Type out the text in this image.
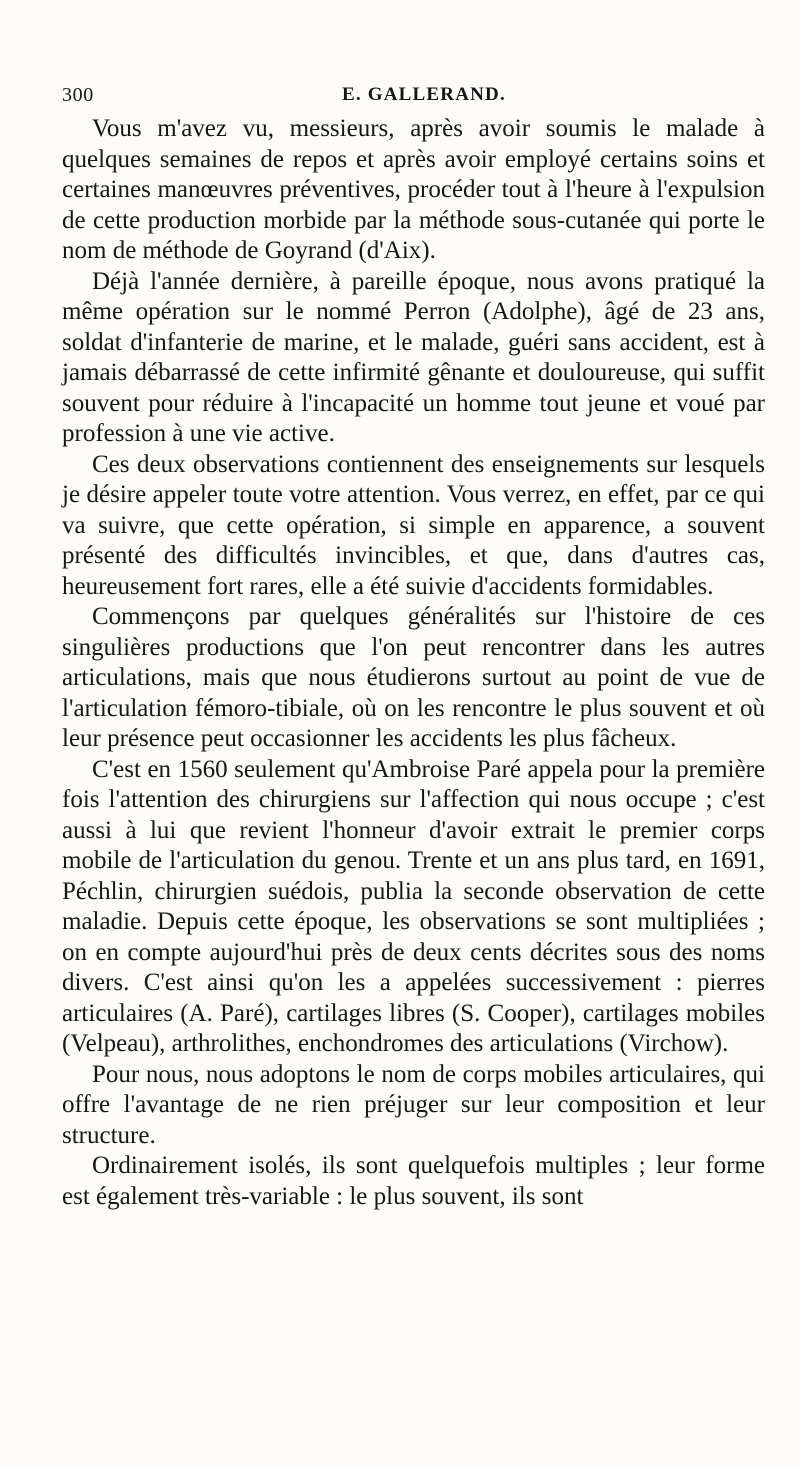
300	E. GALLERAND.

Vous m'avez vu, messieurs, après avoir soumis le malade à quelques semaines de repos et après avoir employé certains soins et certaines manœuvres préventives, procéder tout à l'heure à l'expulsion de cette production morbide par la méthode sous-cutanée qui porte le nom de méthode de Goyrand (d'Aix).

Déjà l'année dernière, à pareille époque, nous avons pratiqué la même opération sur le nommé Perron (Adolphe), âgé de 23 ans, soldat d'infanterie de marine, et le malade, guéri sans accident, est à jamais débarrassé de cette infirmité gênante et douloureuse, qui suffit souvent pour réduire à l'incapacité un homme tout jeune et voué par profession à une vie active.

Ces deux observations contiennent des enseignements sur lesquels je désire appeler toute votre attention. Vous verrez, en effet, par ce qui va suivre, que cette opération, si simple en apparence, a souvent présenté des difficultés invincibles, et que, dans d'autres cas, heureusement fort rares, elle a été suivie d'accidents formidables.

Commençons par quelques généralités sur l'histoire de ces singulières productions que l'on peut rencontrer dans les autres articulations, mais que nous étudierons surtout au point de vue de l'articulation fémoro-tibiale, où on les rencontre le plus souvent et où leur présence peut occasionner les accidents les plus fâcheux.

C'est en 1560 seulement qu'Ambroise Paré appela pour la première fois l'attention des chirurgiens sur l'affection qui nous occupe ; c'est aussi à lui que revient l'honneur d'avoir extrait le premier corps mobile de l'articulation du genou. Trente et un ans plus tard, en 1691, Péchlin, chirurgien suédois, publia la seconde observation de cette maladie. Depuis cette époque, les observations se sont multipliées ; on en compte aujourd'hui près de deux cents décrites sous des noms divers. C'est ainsi qu'on les a appelées successivement : pierres articulaires (A. Paré), cartilages libres (S. Cooper), cartilages mobiles (Velpeau), arthrolithes, enchondromes des articulations (Virchow).

Pour nous, nous adoptons le nom de corps mobiles articulaires, qui offre l'avantage de ne rien préjuger sur leur composition et leur structure.

Ordinairement isolés, ils sont quelquefois multiples ; leur forme est également très-variable : le plus souvent, ils sont
